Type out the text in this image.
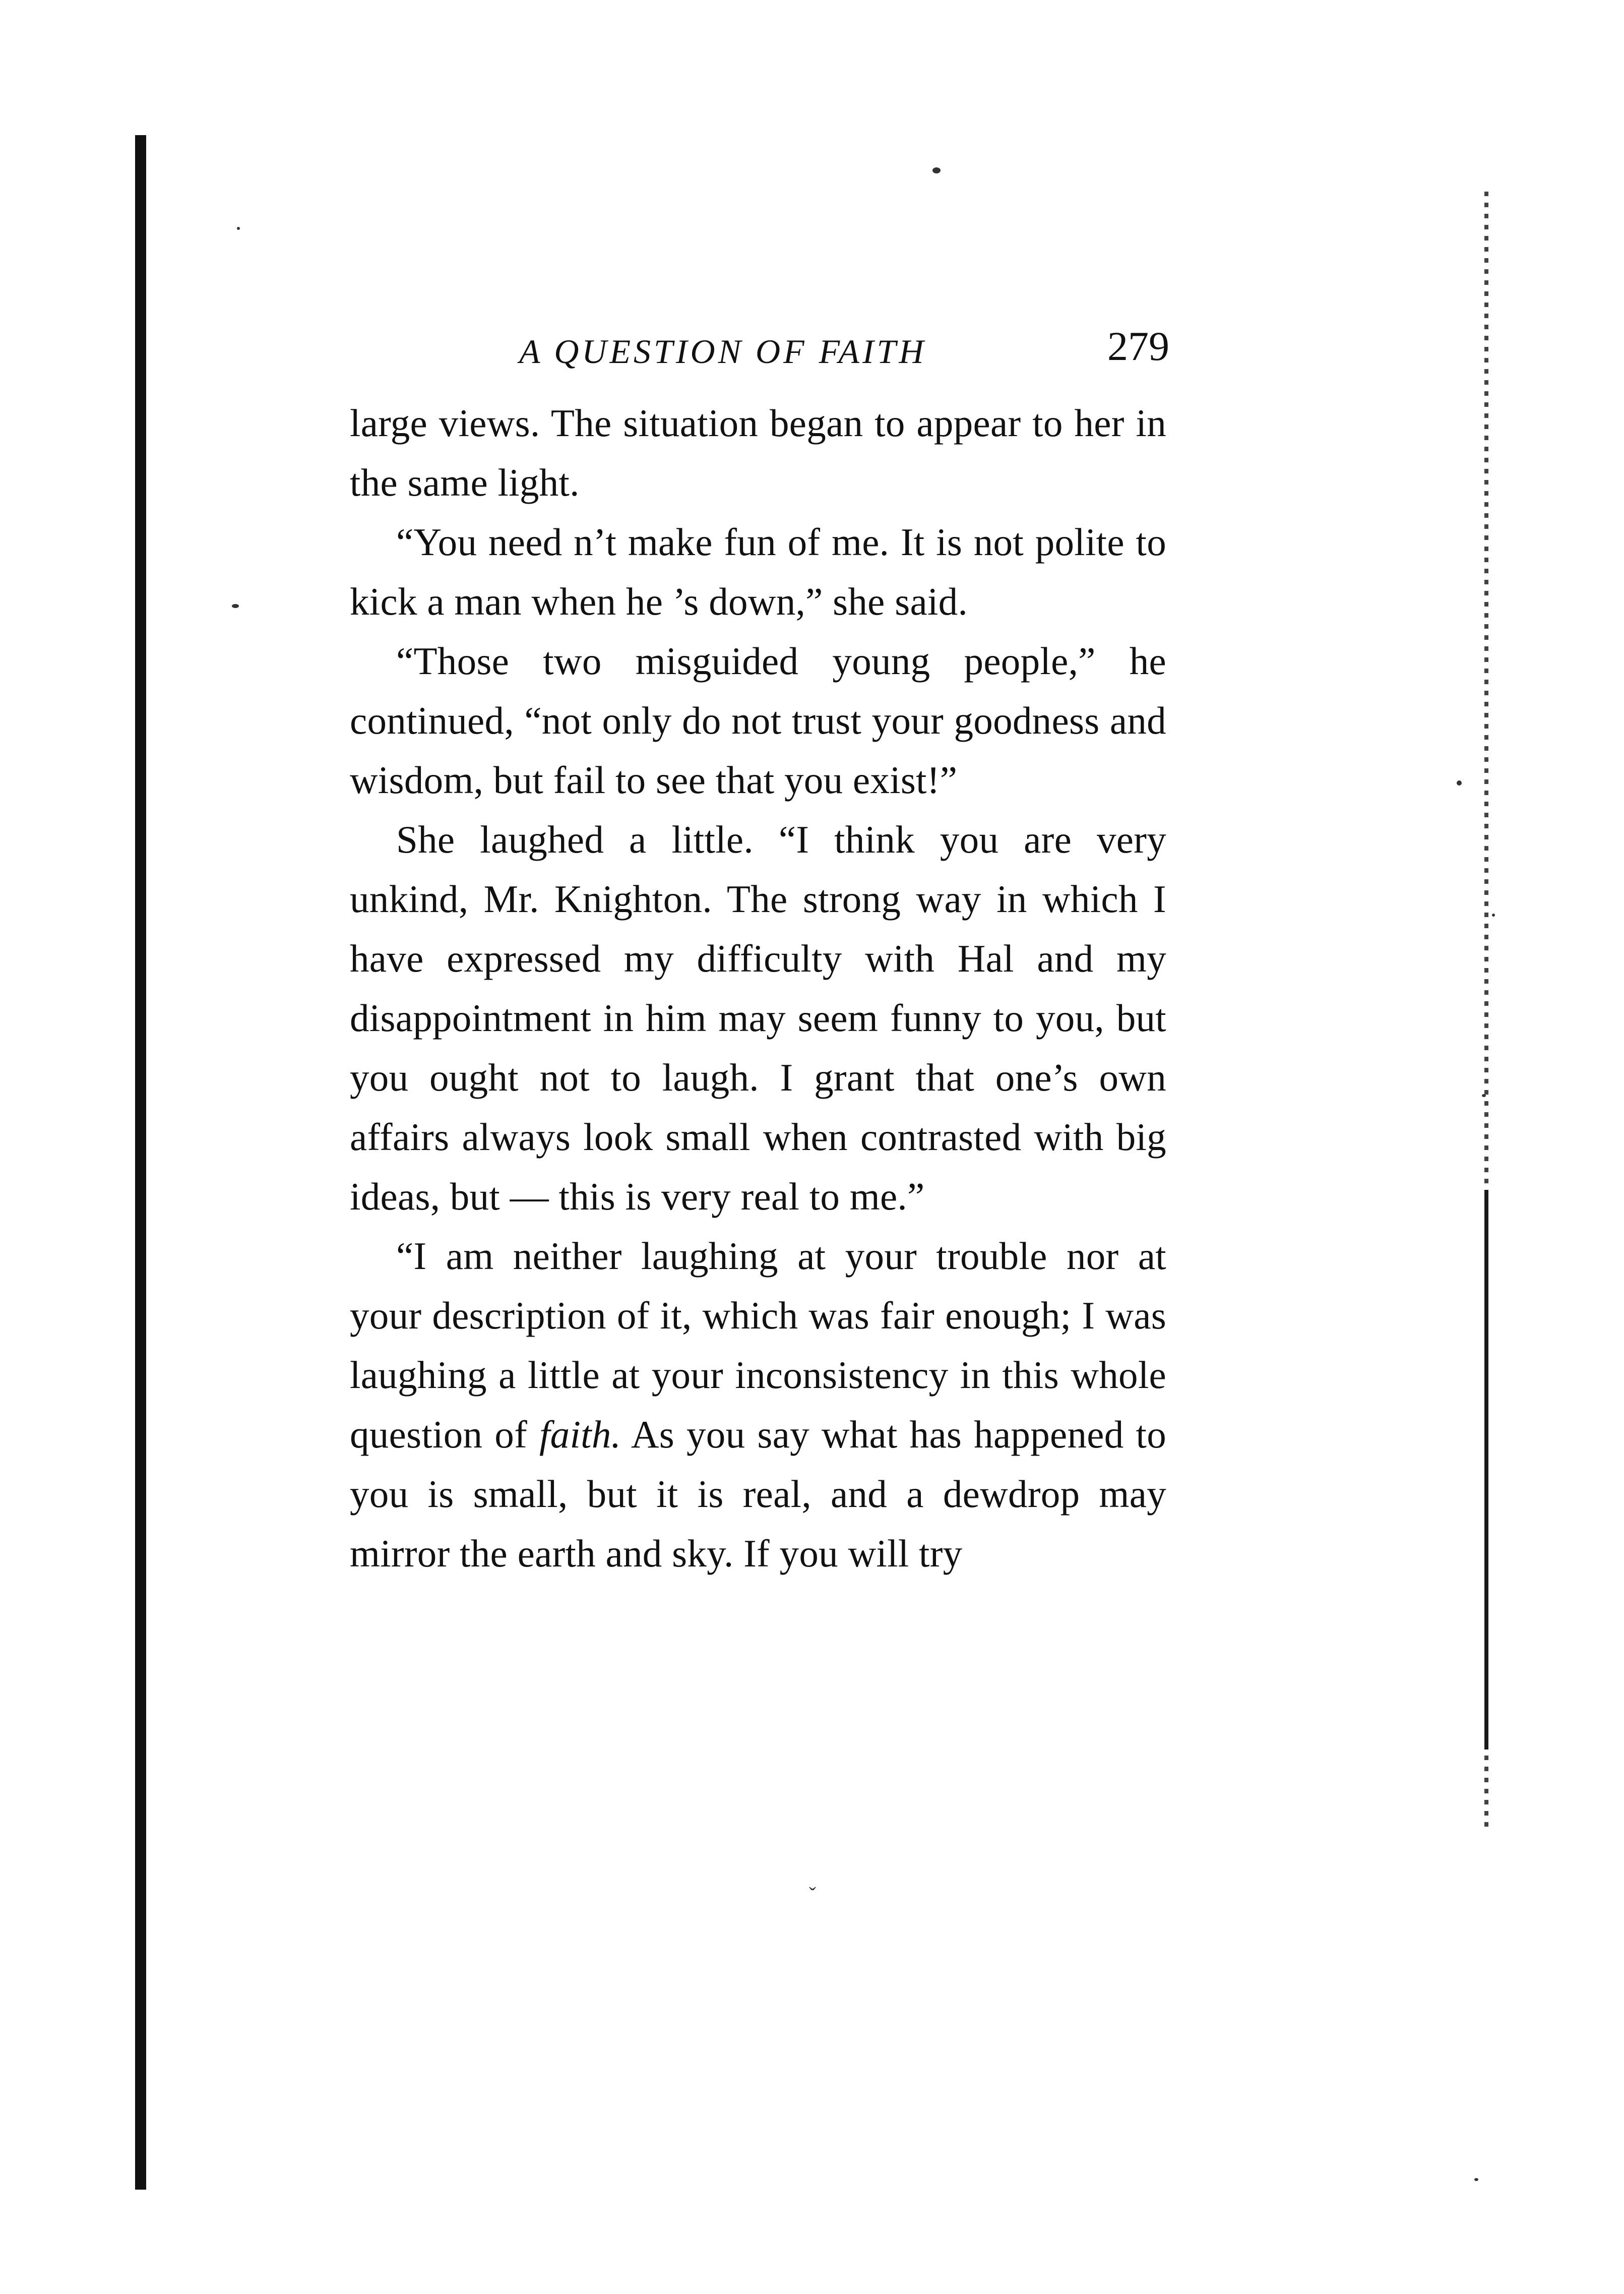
A QUESTION OF FAITH	279

large views. The situation began to appear to her in the same light.

“You need n’t make fun of me. It is not polite to kick a man when he ’s down,” she said.

“Those two misguided young people,” he continued, “not only do not trust your goodness and wisdom, but fail to see that you exist!”

She laughed a little. “I think you are very unkind, Mr. Knighton. The strong way in which I have expressed my difficulty with Hal and my disappointment in him may seem funny to you, but you ought not to laugh. I grant that one’s own affairs always look small when contrasted with big ideas, but — this is very real to me.”

“I am neither laughing at your trouble nor at your description of it, which was fair enough; I was laughing a little at your inconsistency in this whole question of faith. As you say what has happened to you is small, but it is real, and a dewdrop may mirror the earth and sky. If you will try

ˇ
